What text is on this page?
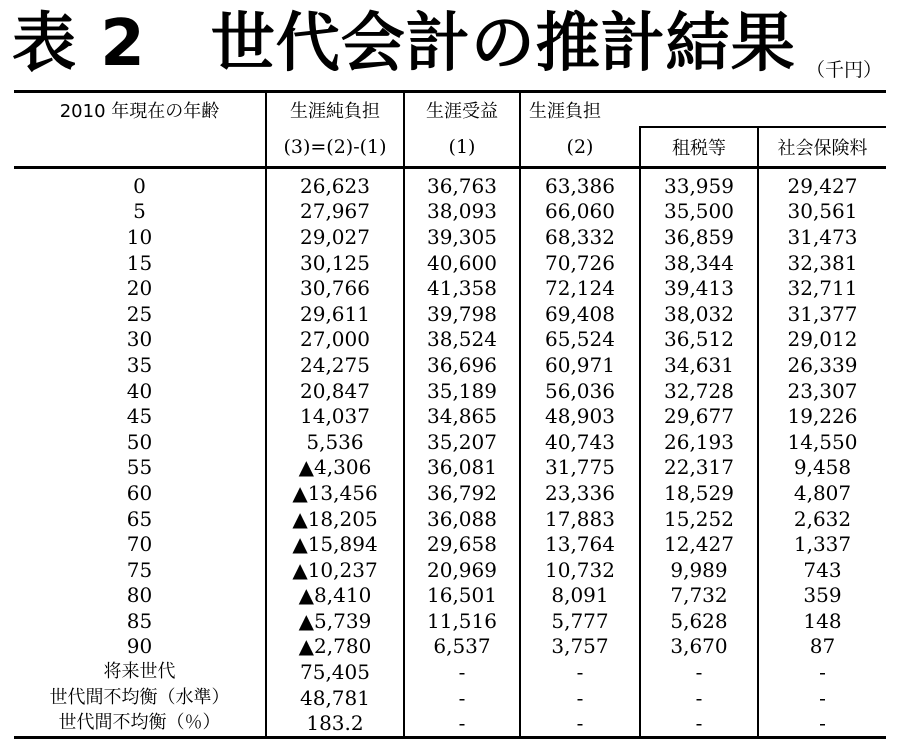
表 2　世代会計の推計結果 （千円）
2010 年現在の年齢	生涯純負担	生涯受益	生涯負担		
	(3)=(2)-(1)	(1)	(2)	租税等	社会保険料
0	26,623	36,763	63,386	33,959	29,427
5	27,967	38,093	66,060	35,500	30,561
10	29,027	39,305	68,332	36,859	31,473
15	30,125	40,600	70,726	38,344	32,381
20	30,766	41,358	72,124	39,413	32,711
25	29,611	39,798	69,408	38,032	31,377
30	27,000	38,524	65,524	36,512	29,012
35	24,275	36,696	60,971	34,631	26,339
40	20,847	35,189	56,036	32,728	23,307
45	14,037	34,865	48,903	29,677	19,226
50	5,536	35,207	40,743	26,193	14,550
55	▲4,306	36,081	31,775	22,317	9,458
60	▲13,456	36,792	23,336	18,529	4,807
65	▲18,205	36,088	17,883	15,252	2,632
70	▲15,894	29,658	13,764	12,427	1,337
75	▲10,237	20,969	10,732	9,989	743
80	▲8,410	16,501	8,091	7,732	359
85	▲5,739	11,516	5,777	5,628	148
90	▲2,780	6,537	3,757	3,670	87
将来世代	75,405	-	-	-	-
世代間不均衡（水準）	48,781	-	-	-	-
世代間不均衡（％）	183.2	-	-	-	-
